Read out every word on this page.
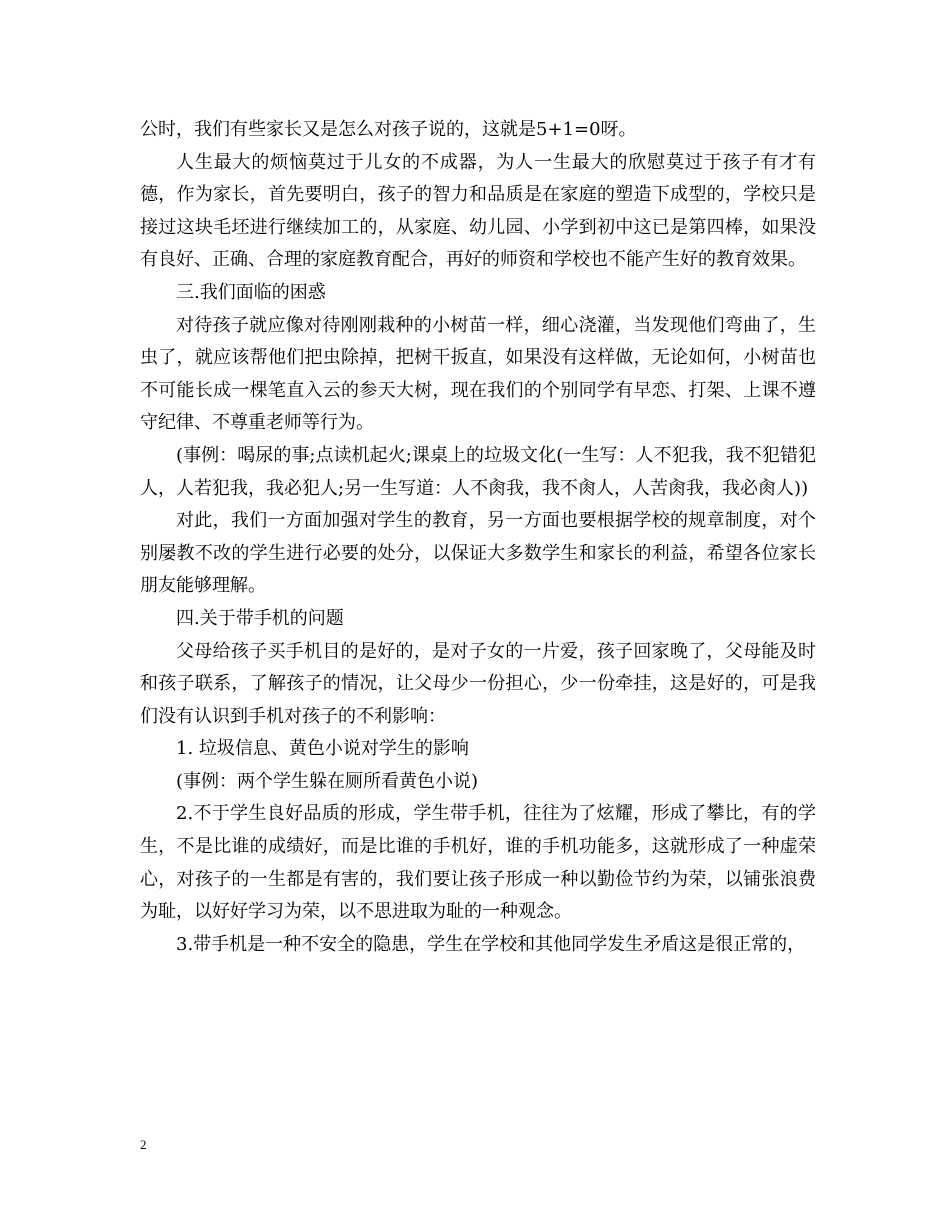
公时，我们有些家长又是怎么对孩子说的，这就是5+1=0呀。

人生最大的烦恼莫过于儿女的不成器，为人一生最大的欣慰莫过于孩子有才有德，作为家长，首先要明白，孩子的智力和品质是在家庭的塑造下成型的，学校只是接过这块毛坯进行继续加工的，从家庭、幼儿园、小学到初中这已是第四棒，如果没有良好、正确、合理的家庭教育配合，再好的师资和学校也不能产生好的教育效果。

三.我们面临的困惑

对待孩子就应像对待刚刚栽种的小树苗一样，细心浇灌，当发现他们弯曲了，生虫了，就应该帮他们把虫除掉，把树干扳直，如果没有这样做，无论如何，小树苗也不可能长成一棵笔直入云的参天大树，现在我们的个别同学有早恋、打架、上课不遵守纪律、不尊重老师等行为。

(事例：喝尿的事;点读机起火;课桌上的垃圾文化(一生写：人不犯我，我不犯错犯人，人若犯我，我必犯人;另一生写道：人不肏我，我不肏人，人苦肏我，我必肏人))

对此，我们一方面加强对学生的教育，另一方面也要根据学校的规章制度，对个别屡教不改的学生进行必要的处分，以保证大多数学生和家长的利益，希望各位家长朋友能够理解。

四.关于带手机的问题

父母给孩子买手机目的是好的，是对子女的一片爱，孩子回家晚了，父母能及时和孩子联系，了解孩子的情况，让父母少一份担心，少一份牵挂，这是好的，可是我们没有认识到手机对孩子的不利影响：

1. 垃圾信息、黄色小说对学生的影响

(事例：两个学生躲在厕所看黄色小说)

2.不于学生良好品质的形成，学生带手机，往往为了炫耀，形成了攀比，有的学生，不是比谁的成绩好，而是比谁的手机好，谁的手机功能多，这就形成了一种虚荣心，对孩子的一生都是有害的，我们要让孩子形成一种以勤俭节约为荣，以铺张浪费为耻，以好好学习为荣，以不思进取为耻的一种观念。

3.带手机是一种不安全的隐患，学生在学校和其他同学发生矛盾这是很正常的，

2
